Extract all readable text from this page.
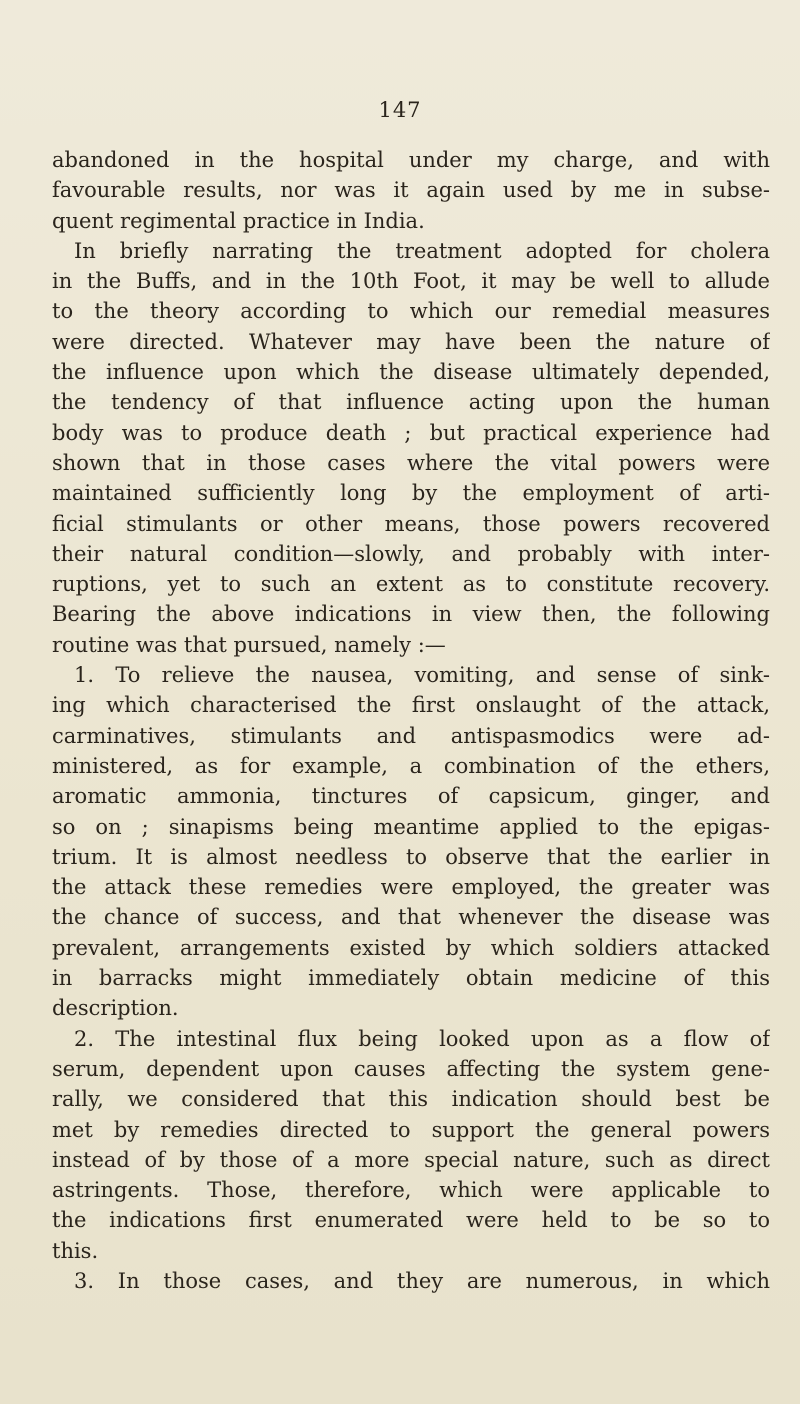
147
abandoned in the hospital under my charge, and with
favourable results, nor was it again used by me in subse-
quent regimental practice in India.
In briefly narrating the treatment adopted for cholera
in the Buffs, and in the 10th Foot, it may be well to allude
to the theory according to which our remedial measures
were directed. Whatever may have been the nature of
the influence upon which the disease ultimately depended,
the tendency of that influence acting upon the human
body was to produce death ; but practical experience had
shown that in those cases where the vital powers were
maintained sufficiently long by the employment of arti-
ficial stimulants or other means, those powers recovered
their natural condition—slowly, and probably with inter-
ruptions, yet to such an extent as to constitute recovery.
Bearing the above indications in view then, the following
routine was that pursued, namely :—
1. To relieve the nausea, vomiting, and sense of sink-
ing which characterised the first onslaught of the attack,
carminatives, stimulants and antispasmodics were ad-
ministered, as for example, a combination of the ethers,
aromatic ammonia, tinctures of capsicum, ginger, and
so on ; sinapisms being meantime applied to the epigas-
trium. It is almost needless to observe that the earlier in
the attack these remedies were employed, the greater was
the chance of success, and that whenever the disease was
prevalent, arrangements existed by which soldiers attacked
in barracks might immediately obtain medicine of this
description.
2. The intestinal flux being looked upon as a flow of
serum, dependent upon causes affecting the system gene-
rally, we considered that this indication should best be
met by remedies directed to support the general powers
instead of by those of a more special nature, such as direct
astringents. Those, therefore, which were applicable to
the indications first enumerated were held to be so to
this.
3. In those cases, and they are numerous, in which
